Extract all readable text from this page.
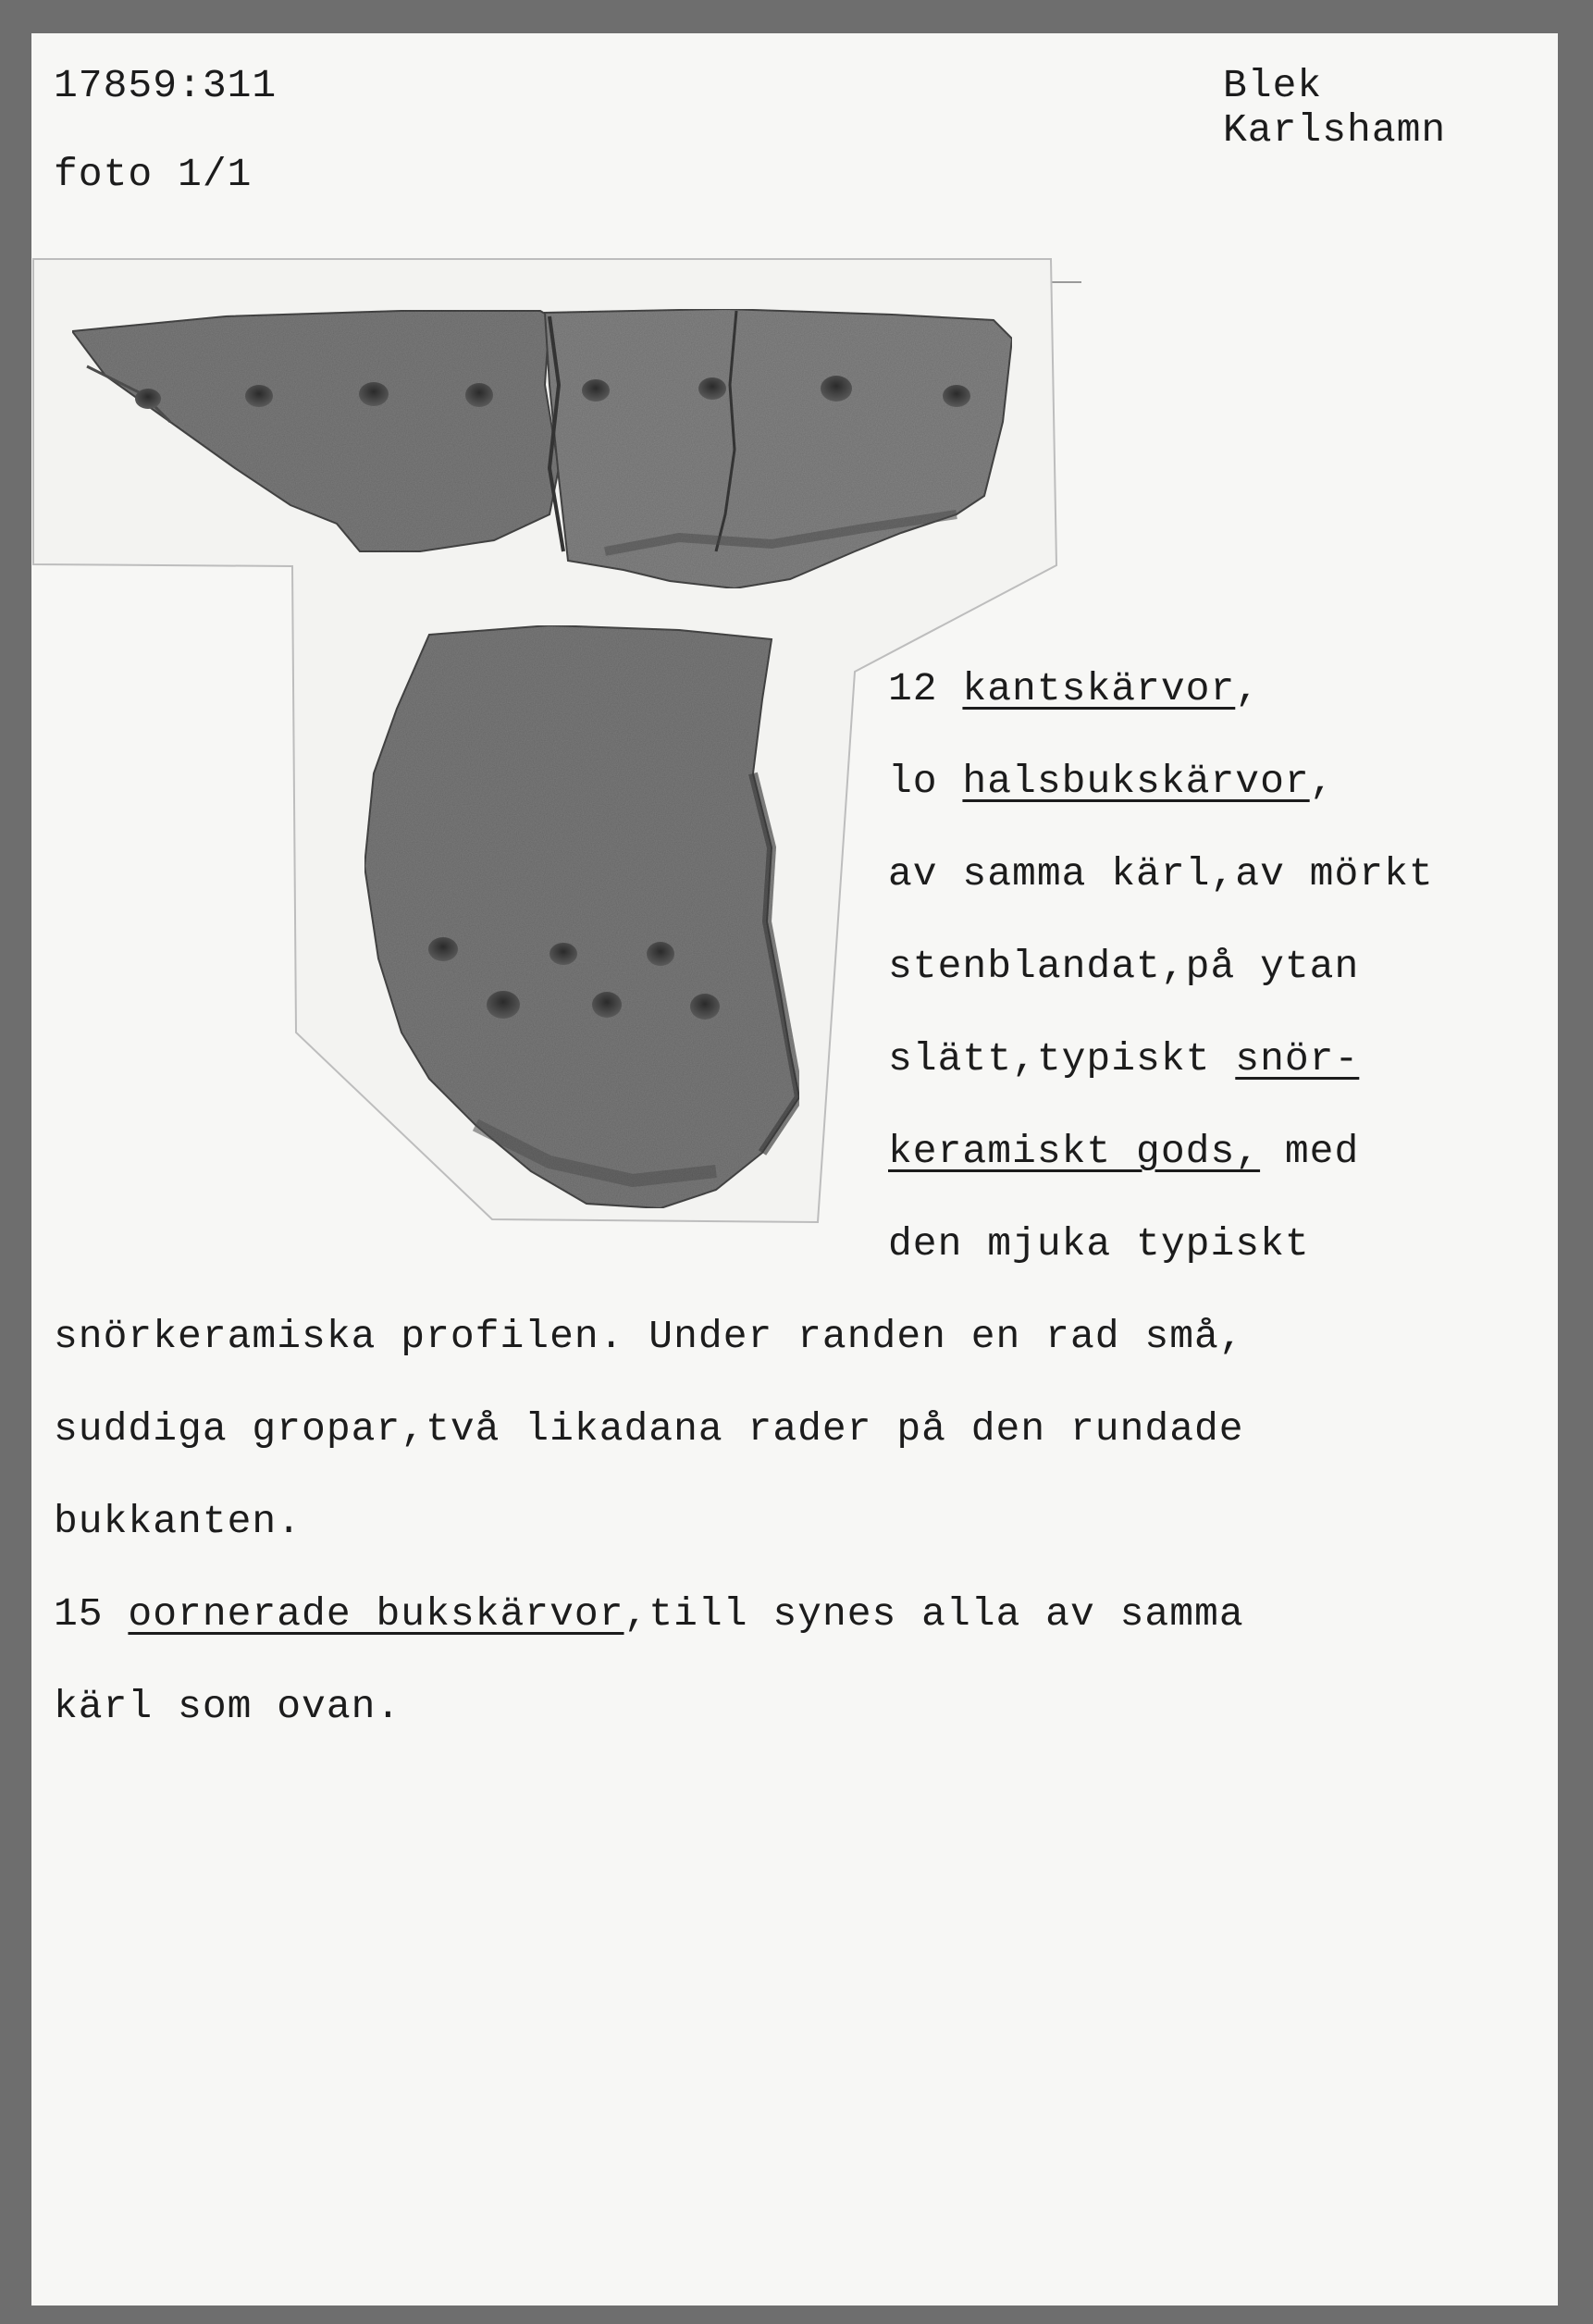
17859:311

foto 1/1

Blek

Karlshamn

12 kantskärvor,

lo halsbukskärvor,

av samma kärl,av mörkt

stenblandat,på ytan

slätt,typiskt snör-

keramiskt gods, med

den mjuka typiskt

snörkeramiska profilen. Under randen en rad små,

suddiga gropar,två likadana rader på den rundade

bukkanten.

15 oornerade bukskärvor,till synes alla av samma

kärl som ovan.
